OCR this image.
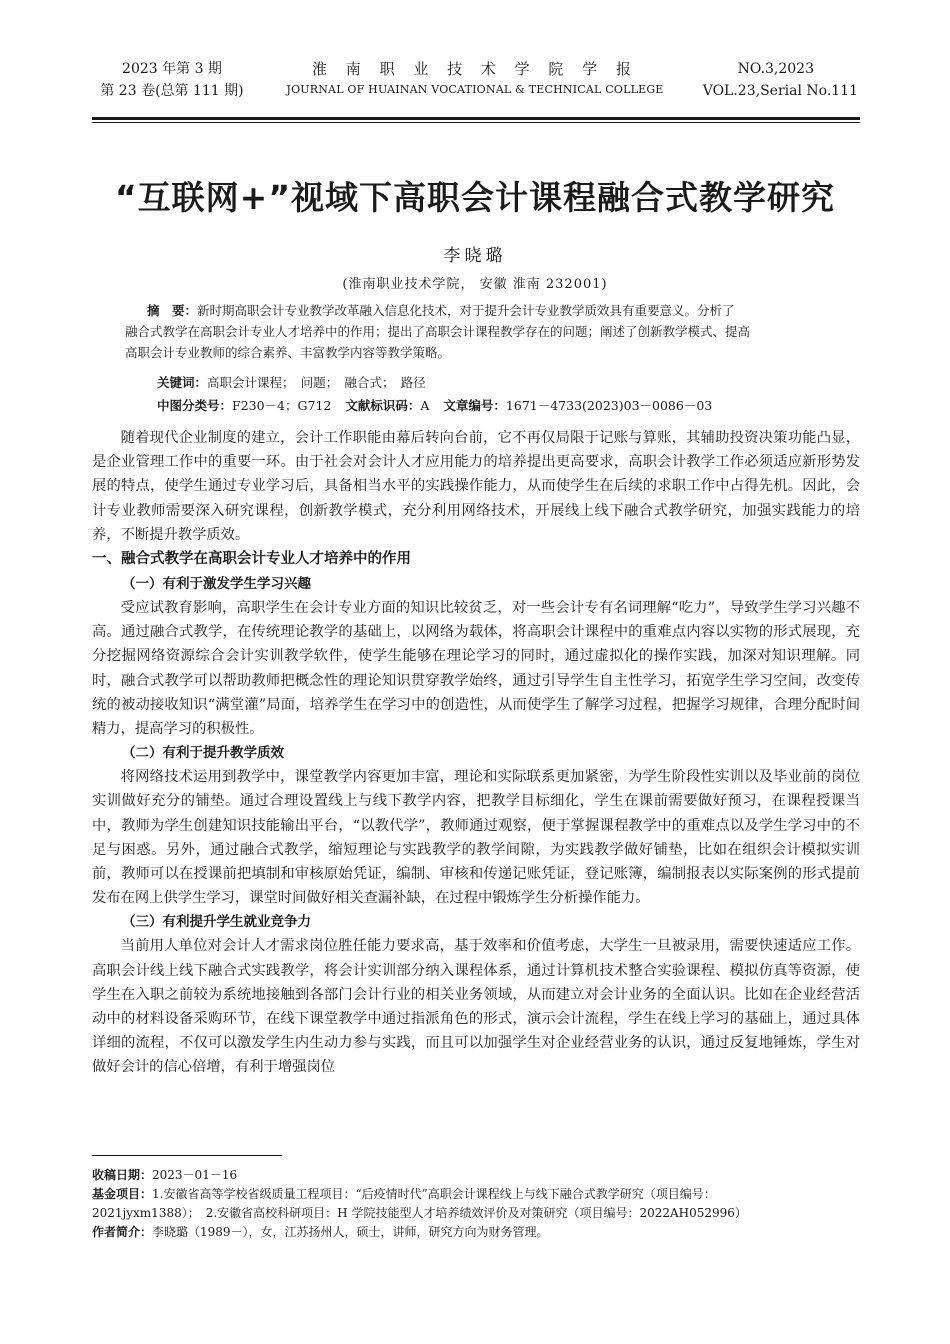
2023 年第 3 期
第 23 卷(总第 111 期)
淮 南 职 业 技 术 学 院 学 报
JOURNAL OF HUAINAN VOCATIONAL & TECHNICAL COLLEGE
NO.3,2023
VOL.23,Serial No.111
“互联网+”视域下高职会计课程融合式教学研究
李晓璐
(淮南职业技术学院， 安徽 淮南 232001)
摘　要：新时期高职会计专业教学改革融入信息化技术，对于提升会计专业教学质效具有重要意义。分析了
融合式教学在高职会计专业人才培养中的作用；提出了高职会计课程教学存在的问题；阐述了创新教学模式、提高
高职会计专业教师的综合素养、丰富教学内容等教学策略。
关键词：高职会计课程；　问题；　融合式；　路径
中图分类号：F230－4；G712 文献标识码：A 文章编号：1671－4733(2023)03－0086－03

随着现代企业制度的建立，会计工作职能由幕后转向台前，它不再仅局限于记账与算账，其辅助投资决策功能凸显，是企业管理工作中的重要一环。由于社会对会计人才应用能力的培养提出更高要求，高职会计教学工作必须适应新形势发展的特点，使学生通过专业学习后，具备相当水平的实践操作能力，从而使学生在后续的求职工作中占得先机。因此，会计专业教师需要深入研究课程，创新教学模式，充分利用网络技术，开展线上线下融合式教学研究，加强实践能力的培养，不断提升教学质效。

一、融合式教学在高职会计专业人才培养中的作用
（一）有利于激发学生学习兴趣

受应试教育影响，高职学生在会计专业方面的知识比较贫乏，对一些会计专有名词理解“吃力”，导致学生学习兴趣不高。通过融合式教学，在传统理论教学的基础上，以网络为载体，将高职会计课程中的重难点内容以实物的形式展现，充分挖掘网络资源综合会计实训教学软件，使学生能够在理论学习的同时，通过虚拟化的操作实践，加深对知识理解。同时，融合式教学可以帮助教师把概念性的理论知识贯穿教学始终，通过引导学生自主性学习，拓宽学生学习空间，改变传统的被动接收知识“满堂灌”局面，培养学生在学习中的创造性，从而使学生了解学习过程，把握学习规律，合理分配时间精力，提高学习的积极性。

（二）有利于提升教学质效

将网络技术运用到教学中，课堂教学内容更加丰富，理论和实际联系更加紧密，为学生阶段性实训以及毕业前的岗位实训做好充分的铺垫。通过合理设置线上与线下教学内容，把教学目标细化，学生在课前需要做好预习，在课程授课当中，教师为学生创建知识技能输出平台，“以教代学”，教师通过观察，便于掌握课程教学中的重难点以及学生学习中的不足与困惑。另外，通过融合式教学，缩短理论与实践教学的教学间隙，为实践教学做好铺垫，比如在组织会计模拟实训前，教师可以在授课前把填制和审核原始凭证，编制、审核和传递记账凭证，登记账簿，编制报表以实际案例的形式提前发布在网上供学生学习，课堂时间做好相关查漏补缺，在过程中锻炼学生分析操作能力。

（三）有利提升学生就业竞争力

当前用人单位对会计人才需求岗位胜任能力要求高，基于效率和价值考虑，大学生一旦被录用，需要快速适应工作。高职会计线上线下融合式实践教学，将会计实训部分纳入课程体系，通过计算机技术整合实验课程、模拟仿真等资源，使学生在入职之前较为系统地接触到各部门会计行业的相关业务领域，从而建立对会计业务的全面认识。比如在企业经营活动中的材料设备采购环节，在线下课堂教学中通过指派角色的形式，演示会计流程，学生在线上学习的基础上，通过具体详细的流程，不仅可以激发学生内生动力参与实践，而且可以加强学生对企业经营业务的认识，通过反复地锤炼，学生对做好会计的信心倍增，有利于增强岗位

收稿日期：2023－01－16
基金项目：1.安徽省高等学校省级质量工程项目：“后疫情时代”高职会计课程线上与线下融合式教学研究（项目编号：
2021jyxm1388）；　2.安徽省高校科研项目：H 学院技能型人才培养绩效评价及对策研究（项目编号：2022AH052996）
作者简介：李晓璐（1989－），女，江苏扬州人，硕士，讲师，研究方向为财务管理。
